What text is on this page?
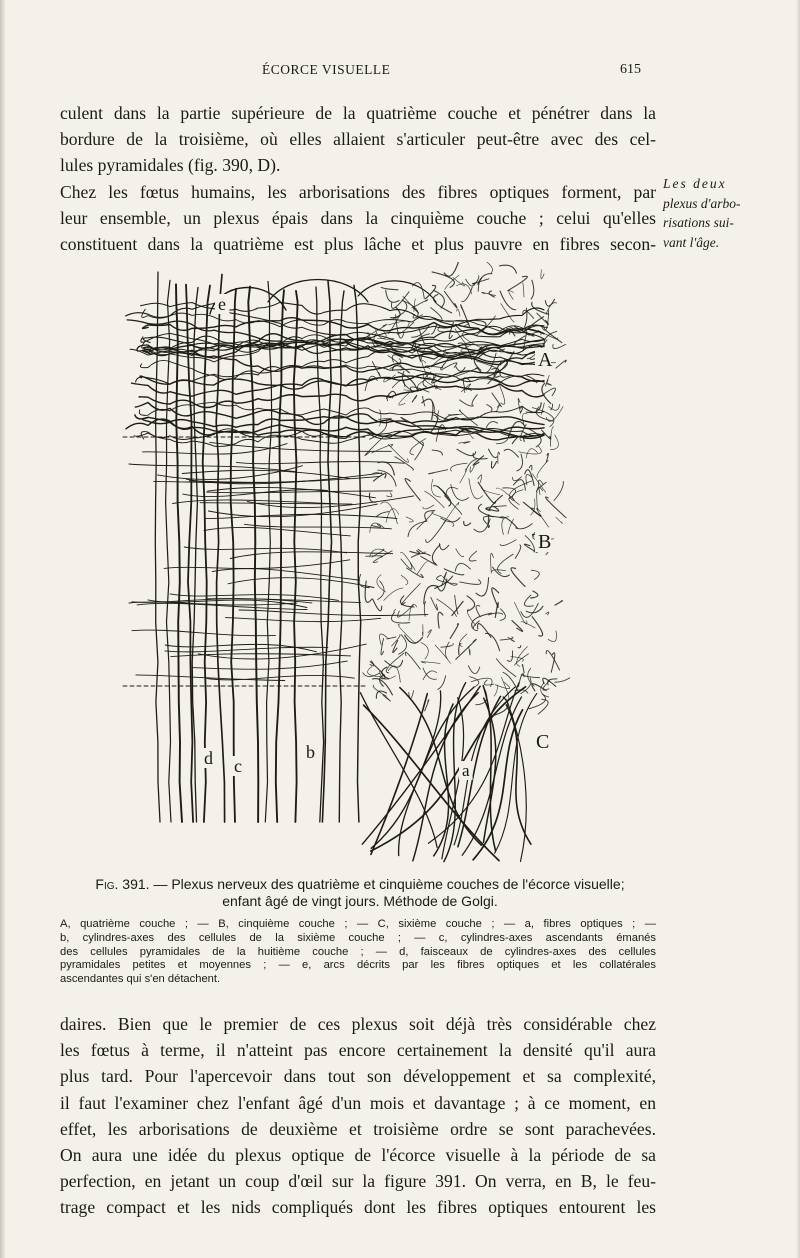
ÉCORCE VISUELLE	615
culent dans la partie supérieure de la quatrième couche et pénétrer dans la
bordure de la troisième, où elles allaient s'articuler peut-être avec des cel-
lules pyramidales (fig. 390, D).
Chez les fœtus humains, les arborisations des fibres optiques forment, par
leur ensemble, un plexus épais dans la cinquième couche ; celui qu'elles
constituent dans la quatrième est plus lâche et plus pauvre en fibres secon-
Les deux
plexus d'arbo-
risations sui-
vant l'âge.
e
A
B
C
a
b
c
d
Fig. 391. — Plexus nerveux des quatrième et cinquième couches de l'écorce visuelle;
enfant âgé de vingt jours. Méthode de Golgi.
A, quatrième couche ; — B, cinquième couche ; — C, sixième couche ; — a, fibres optiques ; —
b, cylindres-axes des cellules de la sixième couche ; — c, cylindres-axes ascendants émanés
des cellules pyramidales de la huitième couche ; — d, faisceaux de cylindres-axes des cellules
pyramidales petites et moyennes ; — e, arcs décrits par les fibres optiques et les collatérales
ascendantes qui s'en détachent.
daires. Bien que le premier de ces plexus soit déjà très considérable chez
les fœtus à terme, il n'atteint pas encore certainement la densité qu'il aura
plus tard. Pour l'apercevoir dans tout son développement et sa complexité,
il faut l'examiner chez l'enfant âgé d'un mois et davantage ; à ce moment, en
effet, les arborisations de deuxième et troisième ordre se sont parachevées.
On aura une idée du plexus optique de l'écorce visuelle à la période de sa
perfection, en jetant un coup d'œil sur la figure 391. On verra, en B, le feu-
trage compact et les nids compliqués dont les fibres optiques entourent les
